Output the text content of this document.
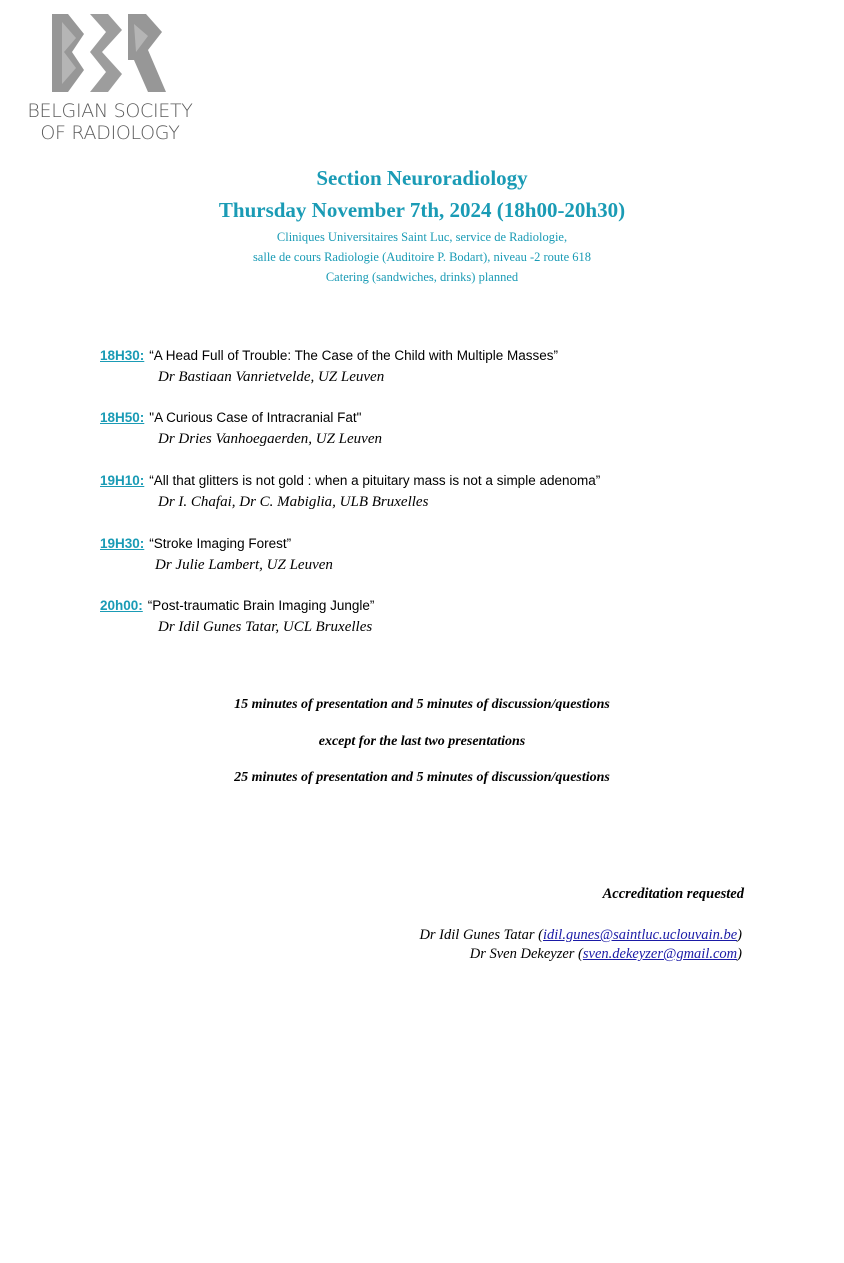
BELGIAN SOCIETY
OF RADIOLOGY
Section Neuroradiology
Thursday November 7th, 2024 (18h00-20h30)
Cliniques Universitaires Saint Luc, service de Radiologie,
salle de cours Radiologie (Auditoire P. Bodart), niveau -2 route 618
Catering (sandwiches, drinks) planned
18H30: “A Head Full of Trouble: The Case of the Child with Multiple Masses”
Dr Bastiaan Vanrietvelde, UZ Leuven
18H50: "A Curious Case of Intracranial Fat"
Dr Dries Vanhoegaerden, UZ Leuven
19H10: “All that glitters is not gold : when a pituitary mass is not a simple adenoma”
Dr I. Chafai, Dr C. Mabiglia, ULB Bruxelles
19H30: “Stroke Imaging Forest”
Dr Julie Lambert, UZ Leuven
20h00: “Post-traumatic Brain Imaging Jungle”
Dr Idil Gunes Tatar, UCL Bruxelles
15 minutes of presentation and 5 minutes of discussion/questions
except for the last two presentations
25 minutes of presentation and 5 minutes of discussion/questions
Accreditation requested
Dr Idil Gunes Tatar (idil.gunes@saintluc.uclouvain.be)
Dr Sven Dekeyzer (sven.dekeyzer@gmail.com)
